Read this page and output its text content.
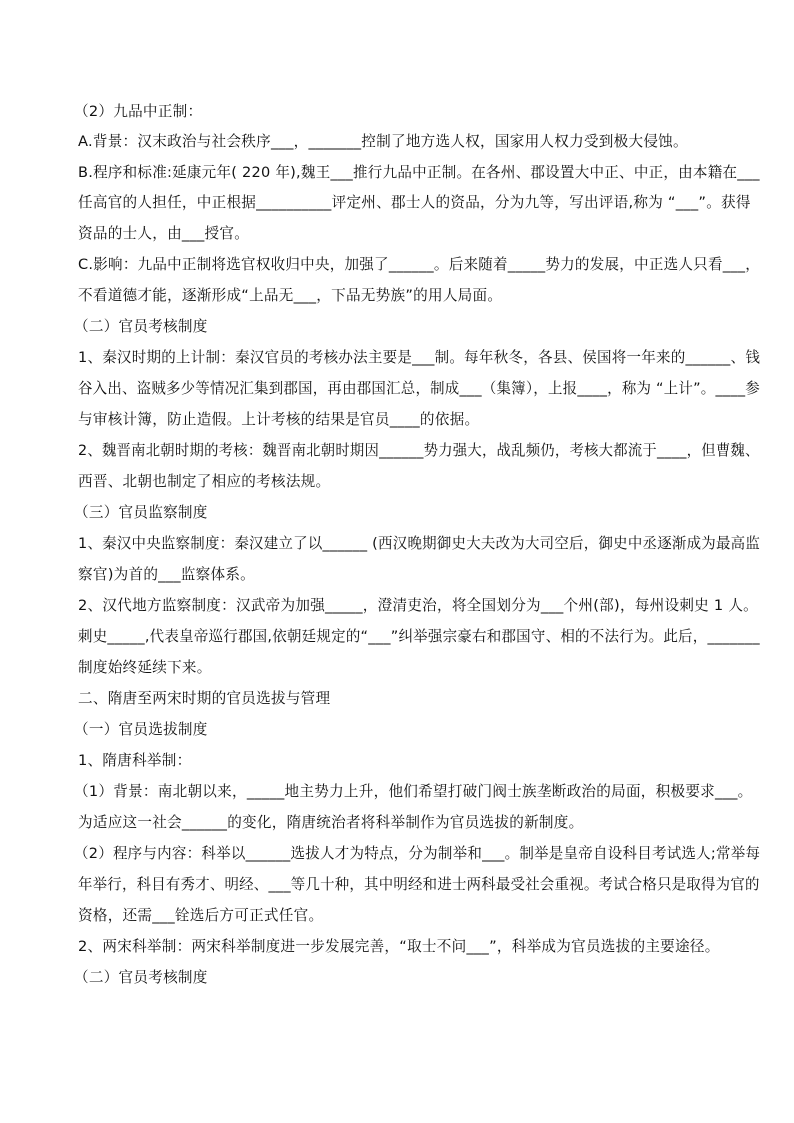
（2）九品中正制：
A.背景：汉末政治与社会秩序___，_______控制了地方选人权，国家用人权力受到极大侵蚀。
B.程序和标准:延康元年( 220 年),魏王___推行九品中正制。在各州、郡设置大中正、中正，由本籍在___
任高官的人担任，中正根据__________评定州、郡士人的资品，分为九等，写出评语,称为 “___”。获得
资品的士人，由___授官。
C.影响：九品中正制将选官权收归中央，加强了______。后来随着_____势力的发展，中正选人只看___，
不看道德才能，逐渐形成“上品无___，下品无势族”的用人局面。
（二）官员考核制度
1、秦汉时期的上计制：秦汉官员的考核办法主要是___制。每年秋冬，各县、侯国将一年来的______、钱
谷入出、盗贼多少等情况汇集到郡国，再由郡国汇总，制成___（集簿），上报____，称为 “上计”。____参
与审核计簿，防止造假。上计考核的结果是官员____的依据。
2、魏晋南北朝时期的考核：魏晋南北朝时期因______势力强大，战乱频仍，考核大都流于____，但曹魏、
西晋、北朝也制定了相应的考核法规。
（三）官员监察制度
1、秦汉中央监察制度：秦汉建立了以______ (西汉晚期御史大夫改为大司空后，御史中丞逐渐成为最高监
察官)为首的___监察体系。
2、汉代地方监察制度：汉武帝为加强_____，澄清吏治，将全国划分为___个州(部)，每州设刺史 1 人。
刺史_____,代表皇帝巡行郡国,依朝廷规定的“___”纠举强宗豪右和郡国守、相的不法行为。此后，_______
制度始终延续下来。
二、隋唐至两宋时期的官员选拔与管理
（一）官员选拔制度
1、隋唐科举制：
（1）背景：南北朝以来，_____地主势力上升，他们希望打破门阀士族垄断政治的局面，积极要求___。
为适应这一社会______的变化，隋唐统治者将科举制作为官员选拔的新制度。
（2）程序与内容：科举以______选拔人才为特点，分为制举和___。制举是皇帝自设科目考试选人;常举每
年举行，科目有秀才、明经、___等几十种，其中明经和进士两科最受社会重视。考试合格只是取得为官的
资格，还需___铨选后方可正式任官。
2、两宋科举制：两宋科举制度进一步发展完善，“取士不问___”，科举成为官员选拔的主要途径。
（二）官员考核制度
